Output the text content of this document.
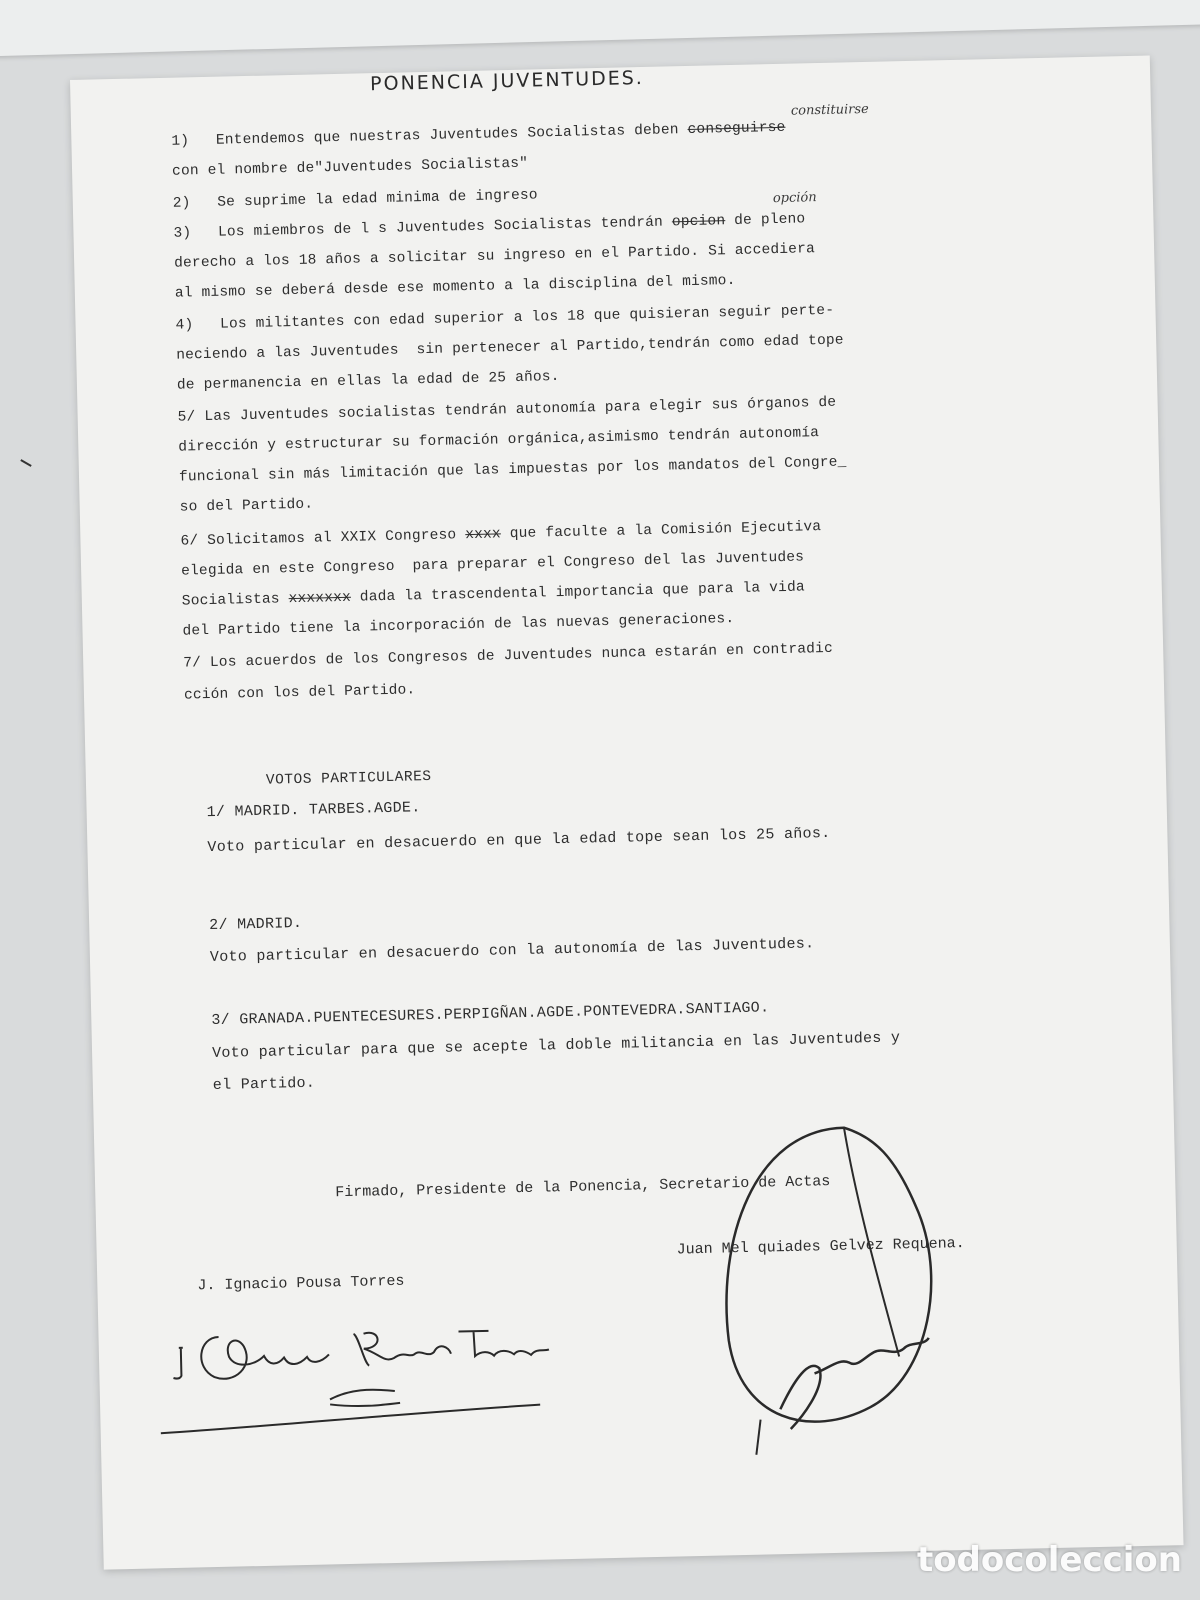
PONENCIA JUVENTUDES.
constituirse
opción
1)   Entendemos que nuestras Juventudes Socialistas deben conseguirse
con el nombre de"Juventudes Socialistas"
2)   Se suprime la edad minima de ingreso
3)   Los miembros de l s Juventudes Socialistas tendrán opcion de pleno
derecho a los 18 años a solicitar su ingreso en el Partido. Si accediera
al mismo se deberá desde ese momento a la disciplina del mismo.
4)   Los militantes con edad superior a los 18 que quisieran seguir perte-
neciendo a las Juventudes  sin pertenecer al Partido,tendrán como edad tope
de permanencia en ellas la edad de 25 años.
5/ Las Juventudes socialistas tendrán autonomía para elegir sus órganos de
dirección y estructurar su formación orgánica,asimismo tendrán autonomía
funcional sin más limitación que las impuestas por los mandatos del Congre_
so del Partido.
6/ Solicitamos al XXIX Congreso xxxx que faculte a la Comisión Ejecutiva
elegida en este Congreso  para preparar el Congreso del las Juventudes
Socialistas xxxxxxx dada la trascendental importancia que para la vida
del Partido tiene la incorporación de las nuevas generaciones.
7/ Los acuerdos de los Congresos de Juventudes nunca estarán en contradic
cción con los del Partido.
VOTOS PARTICULARES
1/ MADRID. TARBES.AGDE.
Voto particular en desacuerdo en que la edad tope sean los 25 años.
2/ MADRID.
Voto particular en desacuerdo con la autonomía de las Juventudes.
3/ GRANADA.PUENTECESURES.PERPIGÑAN.AGDE.PONTEVEDRA.SANTIAGO.
Voto particular para que se acepte la doble militancia en las Juventudes y
el Partido.
Firmado, Presidente de la Ponencia, Secretario de Actas
J. Ignacio Pousa Torres
Juan Mel quiades Gelvez Requena.
todocoleccion
